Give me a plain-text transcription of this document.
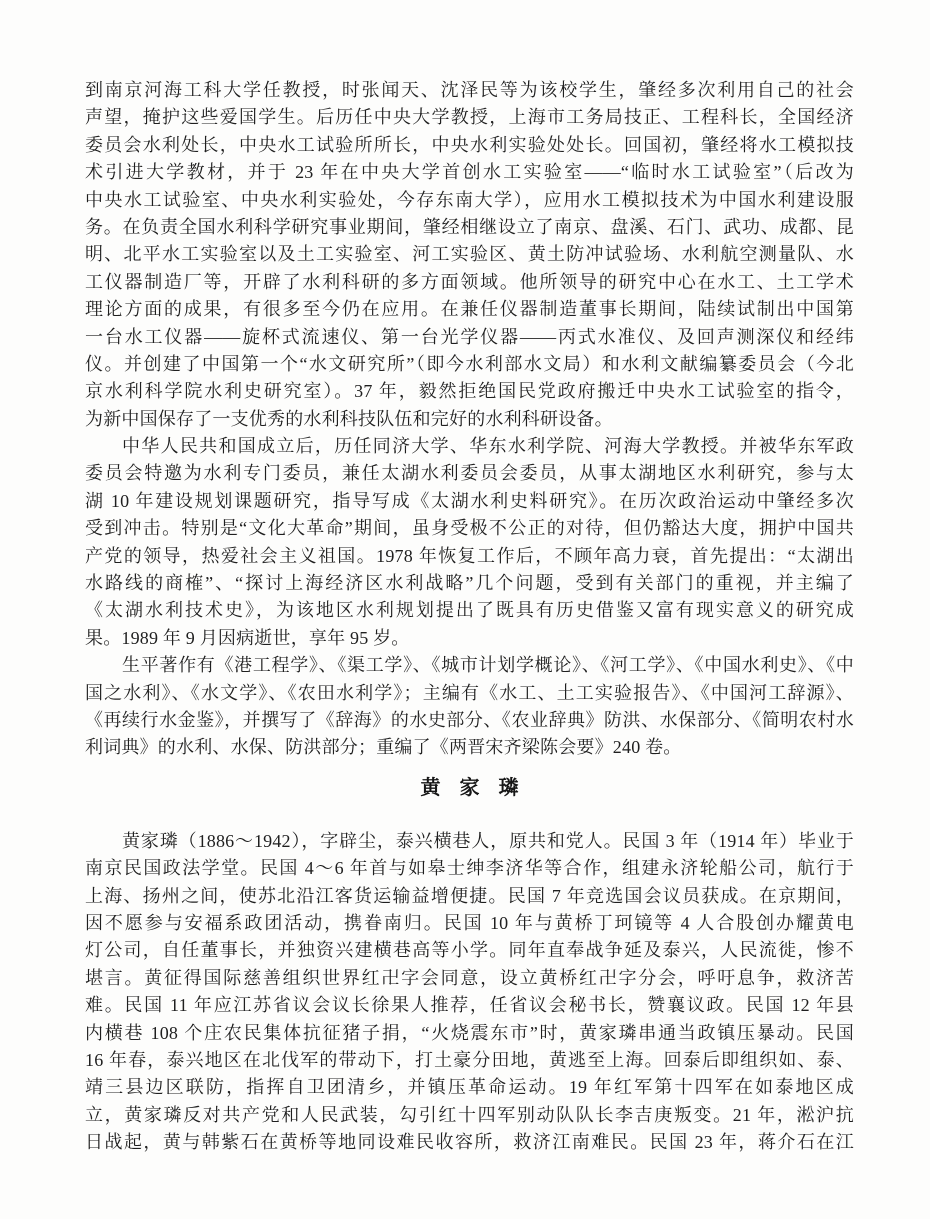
到南京河海工科大学任教授，时张闻天、沈泽民等为该校学生，肇经多次利用自己的社会
声望，掩护这些爱国学生。后历任中央大学教授，上海市工务局技正、工程科长，全国经济
委员会水利处长，中央水工试验所所长，中央水利实验处处长。回国初，肇经将水工模拟技
术引进大学教材，并于 23 年在中央大学首创水工实验室——“临时水工试验室”（后改为
中央水工试验室、中央水利实验处，今存东南大学），应用水工模拟技术为中国水利建设服
务。在负责全国水利科学研究事业期间，肇经相继设立了南京、盘溪、石门、武功、成都、昆
明、北平水工实验室以及土工实验室、河工实验区、黄土防冲试验场、水利航空测量队、水
工仪器制造厂等，开辟了水利科研的多方面领域。他所领导的研究中心在水工、土工学术
理论方面的成果，有很多至今仍在应用。在兼任仪器制造董事长期间，陆续试制出中国第
一台水工仪器——旋杯式流速仪、第一台光学仪器——丙式水准仪、及回声测深仪和经纬
仪。并创建了中国第一个“水文研究所”（即今水利部水文局）和水利文献编纂委员会（今北
京水利科学院水利史研究室）。37 年，毅然拒绝国民党政府搬迁中央水工试验室的指令，
为新中国保存了一支优秀的水利科技队伍和完好的水利科研设备。
中华人民共和国成立后，历任同济大学、华东水利学院、河海大学教授。并被华东军政
委员会特邀为水利专门委员，兼任太湖水利委员会委员，从事太湖地区水利研究，参与太
湖 10 年建设规划课题研究，指导写成《太湖水利史料研究》。在历次政治运动中肇经多次
受到冲击。特别是“文化大革命”期间，虽身受极不公正的对待，但仍豁达大度，拥护中国共
产党的领导，热爱社会主义祖国。1978 年恢复工作后，不顾年高力衰，首先提出：“太湖出
水路线的商榷”、“探讨上海经济区水利战略”几个问题，受到有关部门的重视，并主编了
《太湖水利技术史》，为该地区水利规划提出了既具有历史借鉴又富有现实意义的研究成
果。1989 年 9 月因病逝世，享年 95 岁。
生平著作有《港工程学》、《渠工学》、《城市计划学概论》、《河工学》、《中国水利史》、《中
国之水利》、《水文学》、《农田水利学》；主编有《水工、土工实验报告》、《中国河工辞源》、
《再续行水金鉴》，并撰写了《辞海》的水史部分、《农业辞典》防洪、水保部分、《简明农村水
利词典》的水利、水保、防洪部分；重编了《两晋宋齐梁陈会要》240 卷。
黄家璘
黄家璘（1886～1942），字辟尘，泰兴横巷人，原共和党人。民国 3 年（1914 年）毕业于
南京民国政法学堂。民国 4～6 年首与如皋士绅李济华等合作，组建永济轮船公司，航行于
上海、扬州之间，使苏北沿江客货运输益增便捷。民国 7 年竞选国会议员获成。在京期间，
因不愿参与安福系政团活动，携眷南归。民国 10 年与黄桥丁珂镜等 4 人合股创办耀黄电
灯公司，自任董事长，并独资兴建横巷高等小学。同年直奉战争延及泰兴，人民流徙，惨不
堪言。黄征得国际慈善组织世界红卍字会同意，设立黄桥红卍字分会，呼吁息争，救济苦
难。民国 11 年应江苏省议会议长徐果人推荐，任省议会秘书长，赞襄议政。民国 12 年县
内横巷 108 个庄农民集体抗征猪子捐，“火烧震东市”时，黄家璘串通当政镇压暴动。民国
16 年春，泰兴地区在北伐军的带动下，打土豪分田地，黄逃至上海。回泰后即组织如、泰、
靖三县边区联防，指挥自卫团清乡，并镇压革命运动。19 年红军第十四军在如泰地区成
立，黄家璘反对共产党和人民武装，勾引红十四军别动队队长李吉庚叛变。21 年，淞沪抗
日战起，黄与韩紫石在黄桥等地同设难民收容所，救济江南难民。民国 23 年，蒋介石在江
